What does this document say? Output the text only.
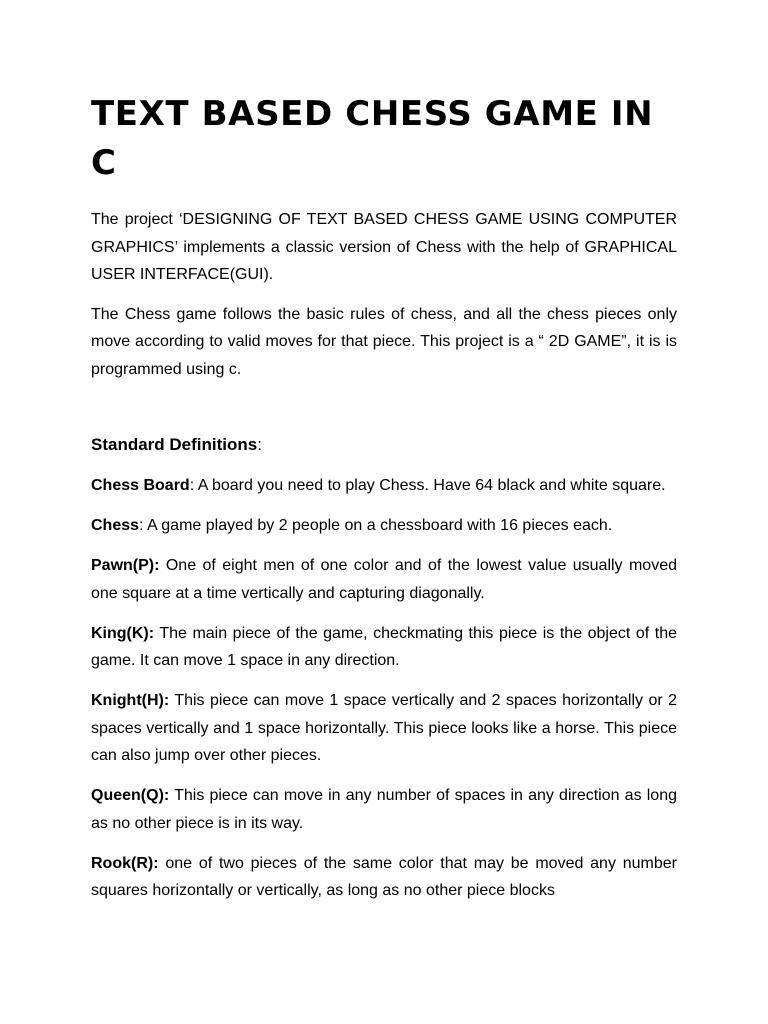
TEXT BASED CHESS GAME IN C

The project ‘DESIGNING OF TEXT BASED CHESS GAME USING COMPUTER GRAPHICS’ implements a classic version of Chess with the help of GRAPHICAL USER INTERFACE(GUI).

The Chess game follows the basic rules of chess, and all the chess pieces only move according to valid moves for that piece. This project is a “ 2D GAME”, it is is programmed using c.

Standard Definitions:

Chess Board: A board you need to play Chess. Have 64 black and white square.

Chess: A game played by 2 people on a chessboard with 16 pieces each.

Pawn(P): One of eight men of one color and of the lowest value usually moved one square at a time vertically and capturing diagonally.

King(K): The main piece of the game, checkmating this piece is the object of the game. It can move 1 space in any direction.

Knight(H): This piece can move 1 space vertically and 2 spaces horizontally or 2 spaces vertically and 1 space horizontally. This piece looks like a horse. This piece can also jump over other pieces.

Queen(Q): This piece can move in any number of spaces in any direction as long as no other piece is in its way.

Rook(R): one of two pieces of the same color that may be moved any number squares horizontally or vertically, as long as no other piece blocks
